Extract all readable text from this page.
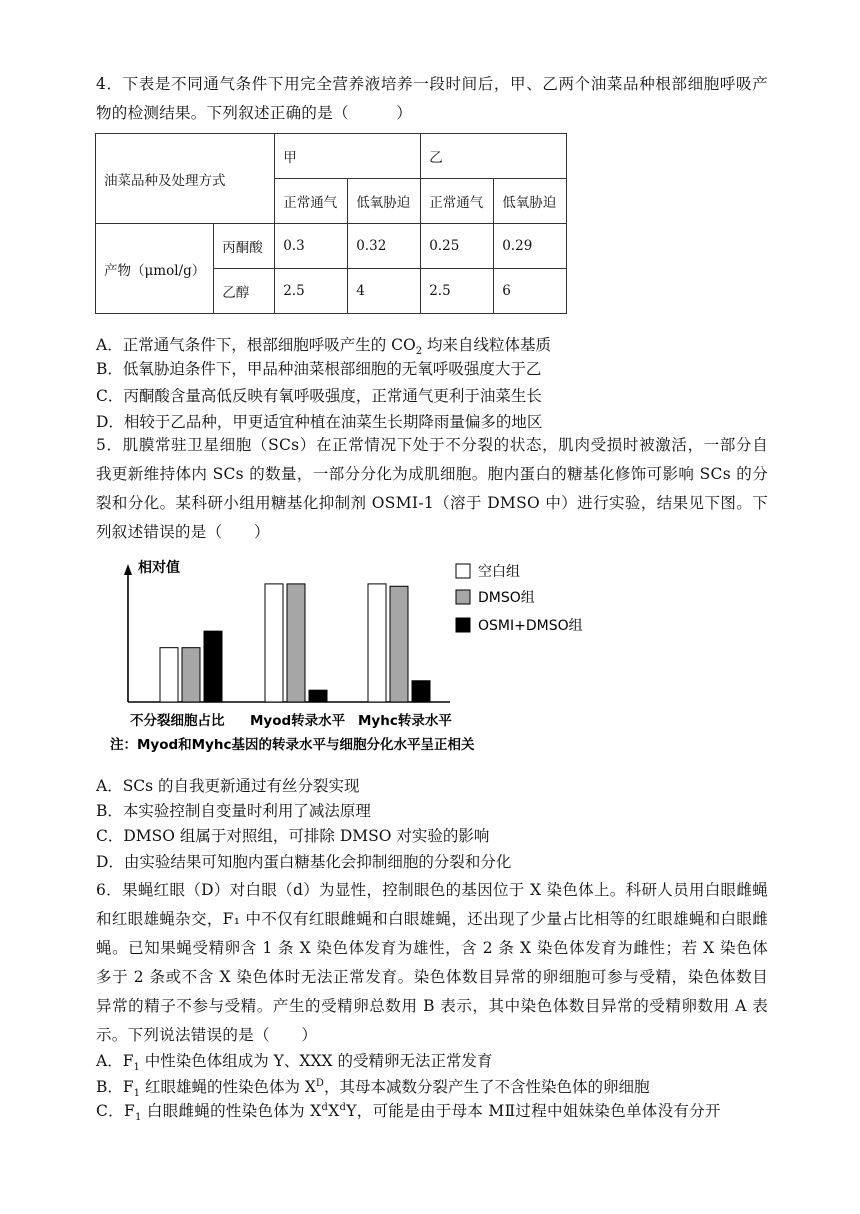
4．下表是不同通气条件下用完全营养液培养一段时间后，甲、乙两个油菜品种根部细胞呼吸产物的检测结果。下列叙述正确的是（　　　）
油菜品种及处理方式		甲		乙	
		正常通气	低氧胁迫	正常通气	低氧胁迫
产物（μmol/g）	丙酮酸	0.3	0.32	0.25	0.29
	乙醇	2.5	4	2.5	6
A．正常通气条件下，根部细胞呼吸产生的 $CO_2$ 均来自线粒体基质
B．低氧胁迫条件下，甲品种油菜根部细胞的无氧呼吸强度大于乙
C．丙酮酸含量高低反映有氧呼吸强度，正常通气更利于油菜生长
D．相较于乙品种，甲更适宜种植在油菜生长期降雨量偏多的地区
5．肌膜常驻卫星细胞（SCs）在正常情况下处于不分裂的状态，肌肉受损时被激活，一部分自我更新维持体内 SCs 的数量，一部分分化为成肌细胞。胞内蛋白的糖基化修饰可影响 SCs 的分裂和分化。某科研小组用糖基化抑制剂 OSMI-1（溶于 DMSO 中）进行实验，结果见下图。下列叙述错误的是（　　）
空白组
DMSO组
OSMI+DMSO组
相对值
不分裂细胞占比 Myod转录水平 Myhc转录水平
注：Myod和Myhc基因的转录水平与细胞分化水平呈正相关
A．SCs 的自我更新通过有丝分裂实现
B．本实验控制自变量时利用了减法原理
C．DMSO 组属于对照组，可排除 DMSO 对实验的影响
D．由实验结果可知胞内蛋白糖基化会抑制细胞的分裂和分化
6．果蝇红眼（D）对白眼（d）为显性，控制眼色的基因位于 X 染色体上。科研人员用白眼雌蝇和红眼雄蝇杂交，F₁ 中不仅有红眼雌蝇和白眼雄蝇，还出现了少量占比相等的红眼雄蝇和白眼雌蝇。已知果蝇受精卵含 1 条 X 染色体发育为雄性，含 2 条 X 染色体发育为雌性；若 X 染色体多于 2 条或不含 X 染色体时无法正常发育。染色体数目异常的卵细胞可参与受精，染色体数目异常的精子不参与受精。产生的受精卵总数用 B 表示，其中染色体数目异常的受精卵数用 A 表示。下列说法错误的是（　　）
A．$F_1$ 中性染色体组成为 Y、XXX 的受精卵无法正常发育
B．$F_1$ 红眼雄蝇的性染色体为 $X^D$，其母本减数分裂产生了不含性染色体的卵细胞
C．$F_1$ 白眼雌蝇的性染色体为 $X^dX^dY$，可能是由于母本 MⅡ过程中姐妹染色单体没有分开
